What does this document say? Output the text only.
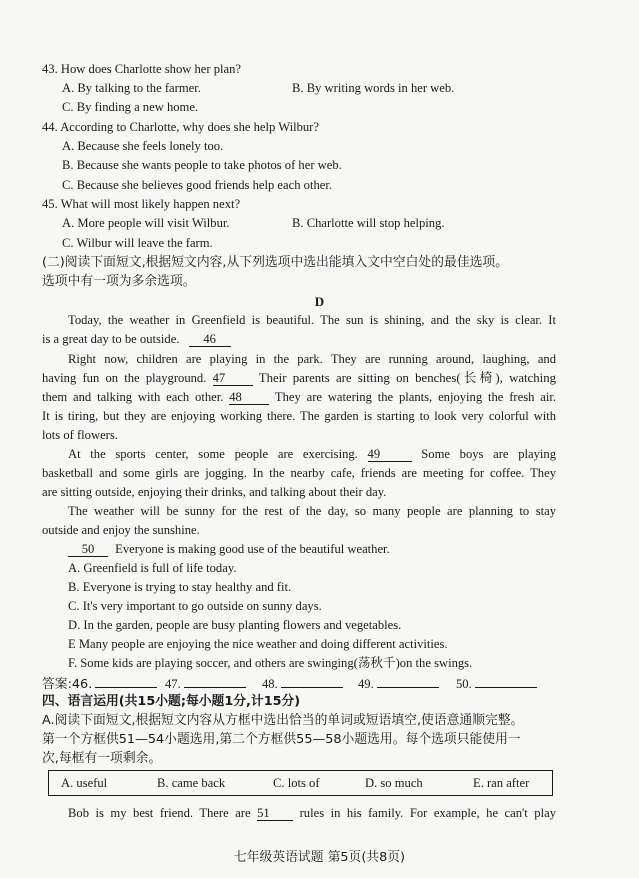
43. How does Charlotte show her plan?
A. By talking to the farmer.	B. By writing words in her web.
C. By finding a new home.
44. According to Charlotte, why does she help Wilbur?
A. Because she feels lonely too.
B. Because she wants people to take photos of her web.
C. Because she believes good friends help each other.
45. What will most likely happen next?
A. More people will visit Wilbur.	B. Charlotte will stop helping.
C. Wilbur will leave the farm.
(二)阅读下面短文,根据短文内容,从下列选项中选出能填入文中空白处的最佳选项。
选项中有一项为多余选项。
D
Today, the weather in Greenfield is beautiful. The sun is shining, and the sky is clear. It
is a great day to be outside. 46
Right now, children are playing in the park. They are running around, laughing, and
having fun on the playground. 47	Their parents are sitting on benches(长椅), watching
them and talking with each other. 48	They are watering the plants, enjoying the fresh air.
It is tiring, but they are enjoying working there. The garden is starting to look very colorful with
lots of flowers.
At the sports center, some people are exercising. 49	Some boys are playing
basketball and some girls are jogging. In the nearby cafe, friends are meeting for coffee. They
are sitting outside, enjoying their drinks, and talking about their day.
The weather will be sunny for the rest of the day, so many people are planning to stay
outside and enjoy the sunshine.
50 Everyone is making good use of the beautiful weather.
A. Greenfield is full of life today.
B. Everyone is trying to stay healthy and fit.
C. It's very important to go outside on sunny days.
D. In the garden, people are busy planting flowers and vegetables.
E Many people are enjoying the nice weather and doing different activities.
F. Some kids are playing soccer, and others are swinging(荡秋千)on the swings.
答案:46.	47.	48.	49.	50.
四、语言运用(共15小题;每小题1分,计15分)
A.阅读下面短文,根据短文内容从方框中选出恰当的单词或短语填空,使语意通顺完整。
第一个方框供51—54小题选用,第二个方框供55—58小题选用。每个选项只能使用一
次,每框有一项剩余。
A. useful	B. came back	C. lots of	D. so much	E. ran after
Bob is my best friend. There are 51 rules in his family. For example, he can't play
七年级英语试题 第5页(共8页)
